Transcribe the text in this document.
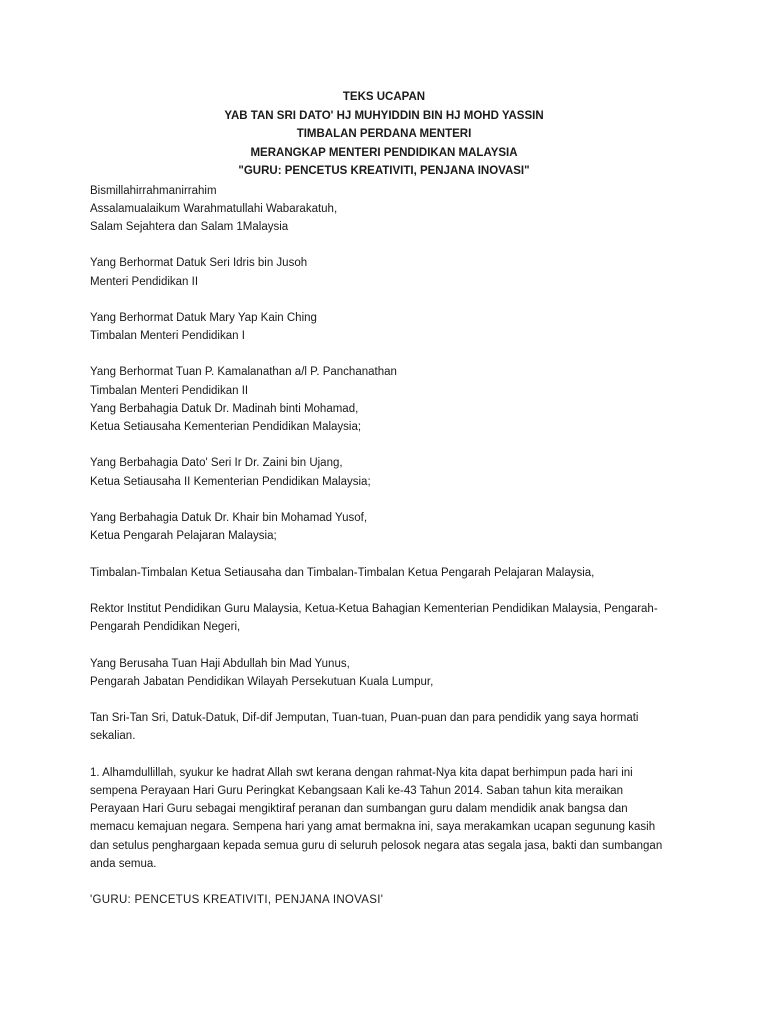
TEKS UCAPAN
YAB TAN SRI DATO' HJ MUHYIDDIN BIN HJ MOHD YASSIN
TIMBALAN PERDANA MENTERI
MERANGKAP MENTERI PENDIDIKAN MALAYSIA
"GURU: PENCETUS KREATIVITI, PENJANA INOVASI"
Bismillahirrahmanirrahim
Assalamualaikum Warahmatullahi Wabarakatuh,
Salam Sejahtera dan Salam 1Malaysia
Yang Berhormat Datuk Seri Idris bin Jusoh
Menteri Pendidikan II
Yang Berhormat Datuk Mary Yap Kain Ching
Timbalan Menteri Pendidikan I
Yang Berhormat Tuan P. Kamalanathan a/l P. Panchanathan
Timbalan Menteri Pendidikan II
Yang Berbahagia Datuk Dr. Madinah binti Mohamad,
Ketua Setiausaha Kementerian Pendidikan Malaysia;
Yang Berbahagia Dato' Seri Ir Dr. Zaini bin Ujang,
Ketua Setiausaha II Kementerian Pendidikan Malaysia;
Yang Berbahagia Datuk Dr. Khair bin Mohamad Yusof,
Ketua Pengarah Pelajaran Malaysia;
Timbalan-Timbalan Ketua Setiausaha dan Timbalan-Timbalan Ketua Pengarah Pelajaran Malaysia,
Rektor Institut Pendidikan Guru Malaysia, Ketua-Ketua Bahagian Kementerian Pendidikan Malaysia, Pengarah-
Pengarah Pendidikan Negeri,
Yang Berusaha Tuan Haji Abdullah bin Mad Yunus,
Pengarah Jabatan Pendidikan Wilayah Persekutuan Kuala Lumpur,
Tan Sri-Tan Sri, Datuk-Datuk, Dif-dif Jemputan, Tuan-tuan, Puan-puan dan para pendidik yang saya hormati
sekalian.
1. Alhamdullillah, syukur ke hadrat Allah swt kerana dengan rahmat-Nya kita dapat berhimpun pada hari ini
sempena Perayaan Hari Guru Peringkat Kebangsaan Kali ke-43 Tahun 2014. Saban tahun kita meraikan
Perayaan Hari Guru sebagai mengiktiraf peranan dan sumbangan guru dalam mendidik anak bangsa dan
memacu kemajuan negara. Sempena hari yang amat bermakna ini, saya merakamkan ucapan segunung kasih
dan setulus penghargaan kepada semua guru di seluruh pelosok negara atas segala jasa, bakti dan sumbangan
anda semua.
'GURU: PENCETUS KREATIVITI, PENJANA INOVASI'
